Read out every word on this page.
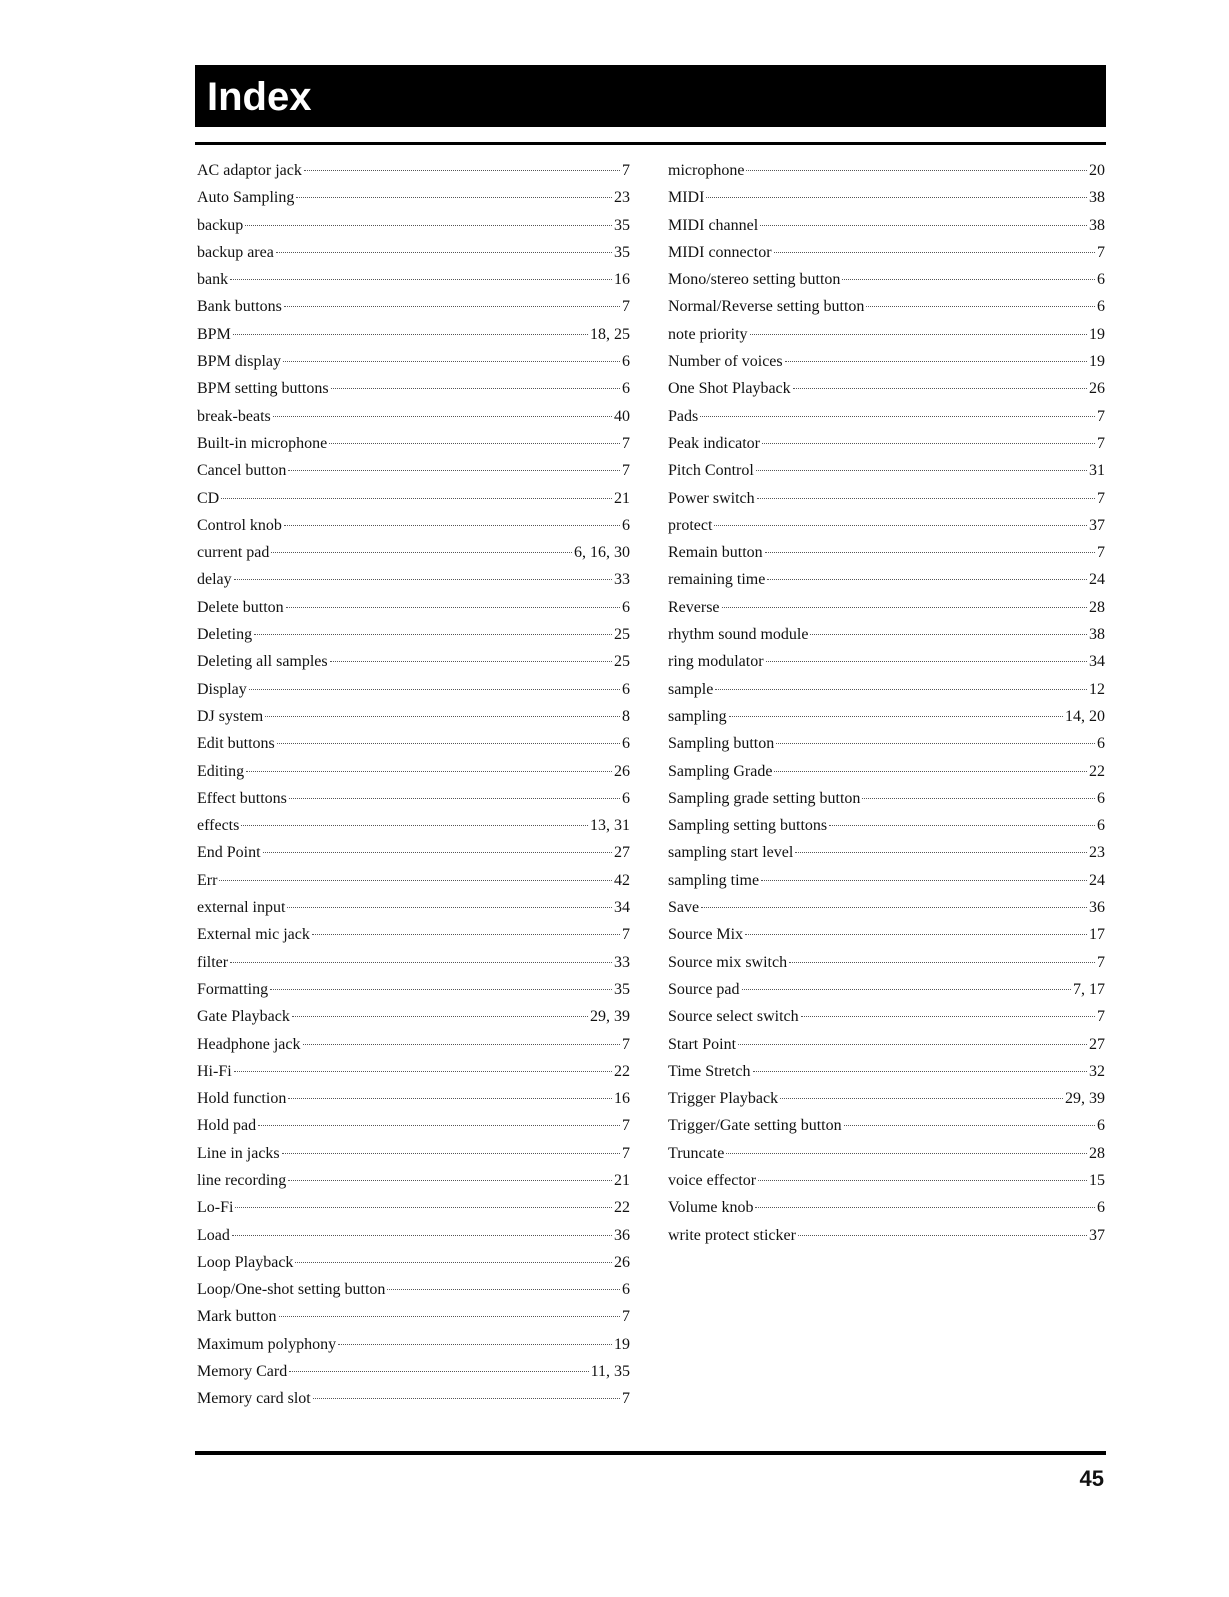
Index
AC adaptor jack	7
Auto Sampling	23
backup	35
backup area	35
bank	16
Bank buttons	7
BPM	18, 25
BPM display	6
BPM setting buttons	6
break-beats	40
Built-in microphone	7
Cancel button	7
CD	21
Control knob	6
current pad	6, 16, 30
delay	33
Delete button	6
Deleting	25
Deleting all samples	25
Display	6
DJ system	8
Edit buttons	6
Editing	26
Effect buttons	6
effects	13, 31
End Point	27
Err	42
external input	34
External mic jack	7
filter	33
Formatting	35
Gate Playback	29, 39
Headphone jack	7
Hi-Fi	22
Hold function	16
Hold pad	7
Line in jacks	7
line recording	21
Lo-Fi	22
Load	36
Loop Playback	26
Loop/One-shot setting button	6
Mark button	7
Maximum polyphony	19
Memory Card	11, 35
Memory card slot	7
microphone	20
MIDI	38
MIDI channel	38
MIDI connector	7
Mono/stereo setting button	6
Normal/Reverse setting button	6
note priority	19
Number of voices	19
One Shot Playback	26
Pads	7
Peak indicator	7
Pitch Control	31
Power switch	7
protect	37
Remain button	7
remaining time	24
Reverse	28
rhythm sound module	38
ring modulator	34
sample	12
sampling	14, 20
Sampling button	6
Sampling Grade	22
Sampling grade setting button	6
Sampling setting buttons	6
sampling start level	23
sampling time	24
Save	36
Source Mix	17
Source mix switch	7
Source pad	7, 17
Source select switch	7
Start Point	27
Time Stretch	32
Trigger Playback	29, 39
Trigger/Gate setting button	6
Truncate	28
voice effector	15
Volume knob	6
write protect sticker	37
45
